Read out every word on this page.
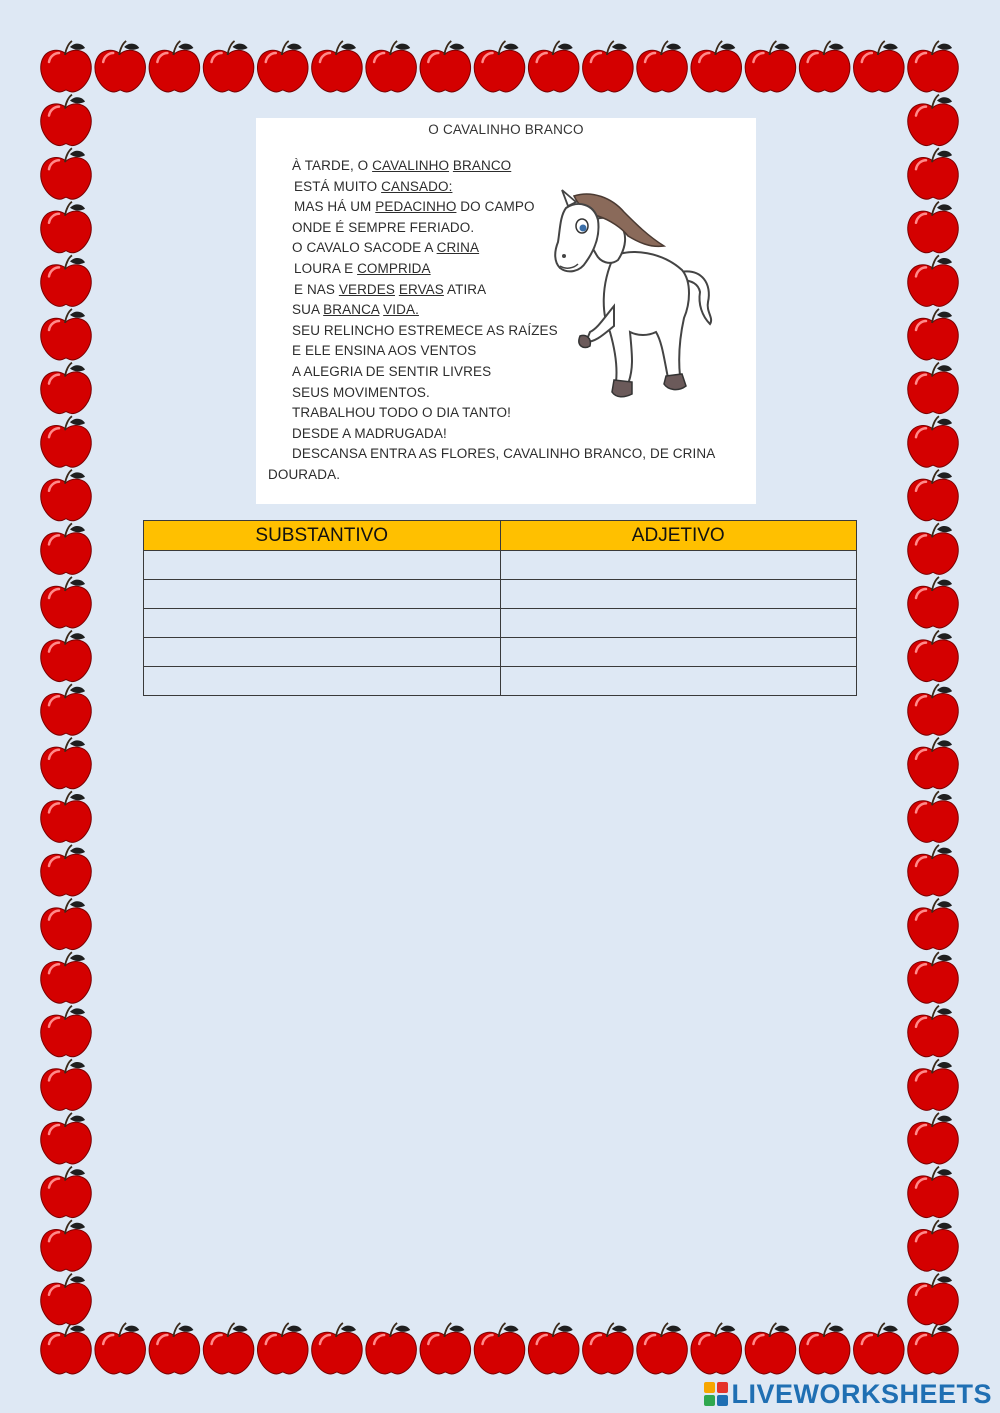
O CAVALINHO BRANCO
À TARDE, O CAVALINHO BRANCO
ESTÁ MUITO CANSADO:
MAS HÁ UM PEDACINHO DO CAMPO
ONDE É SEMPRE FERIADO.
O CAVALO SACODE A CRINA
LOURA E COMPRIDA
E NAS VERDES ERVAS ATIRA
SUA BRANCA VIDA.
SEU RELINCHO ESTREMECE AS RAÍZES
E ELE ENSINA AOS VENTOS
A ALEGRIA DE SENTIR LIVRES
SEUS MOVIMENTOS.
TRABALHOU TODO O DIA TANTO!
DESDE A MADRUGADA!
DESCANSA ENTRA AS FLORES, CAVALINHO BRANCO, DE CRINA
DOURADA.
SUBSTANTIVO	ADJETIVO

LIVEWORKSHEETS
